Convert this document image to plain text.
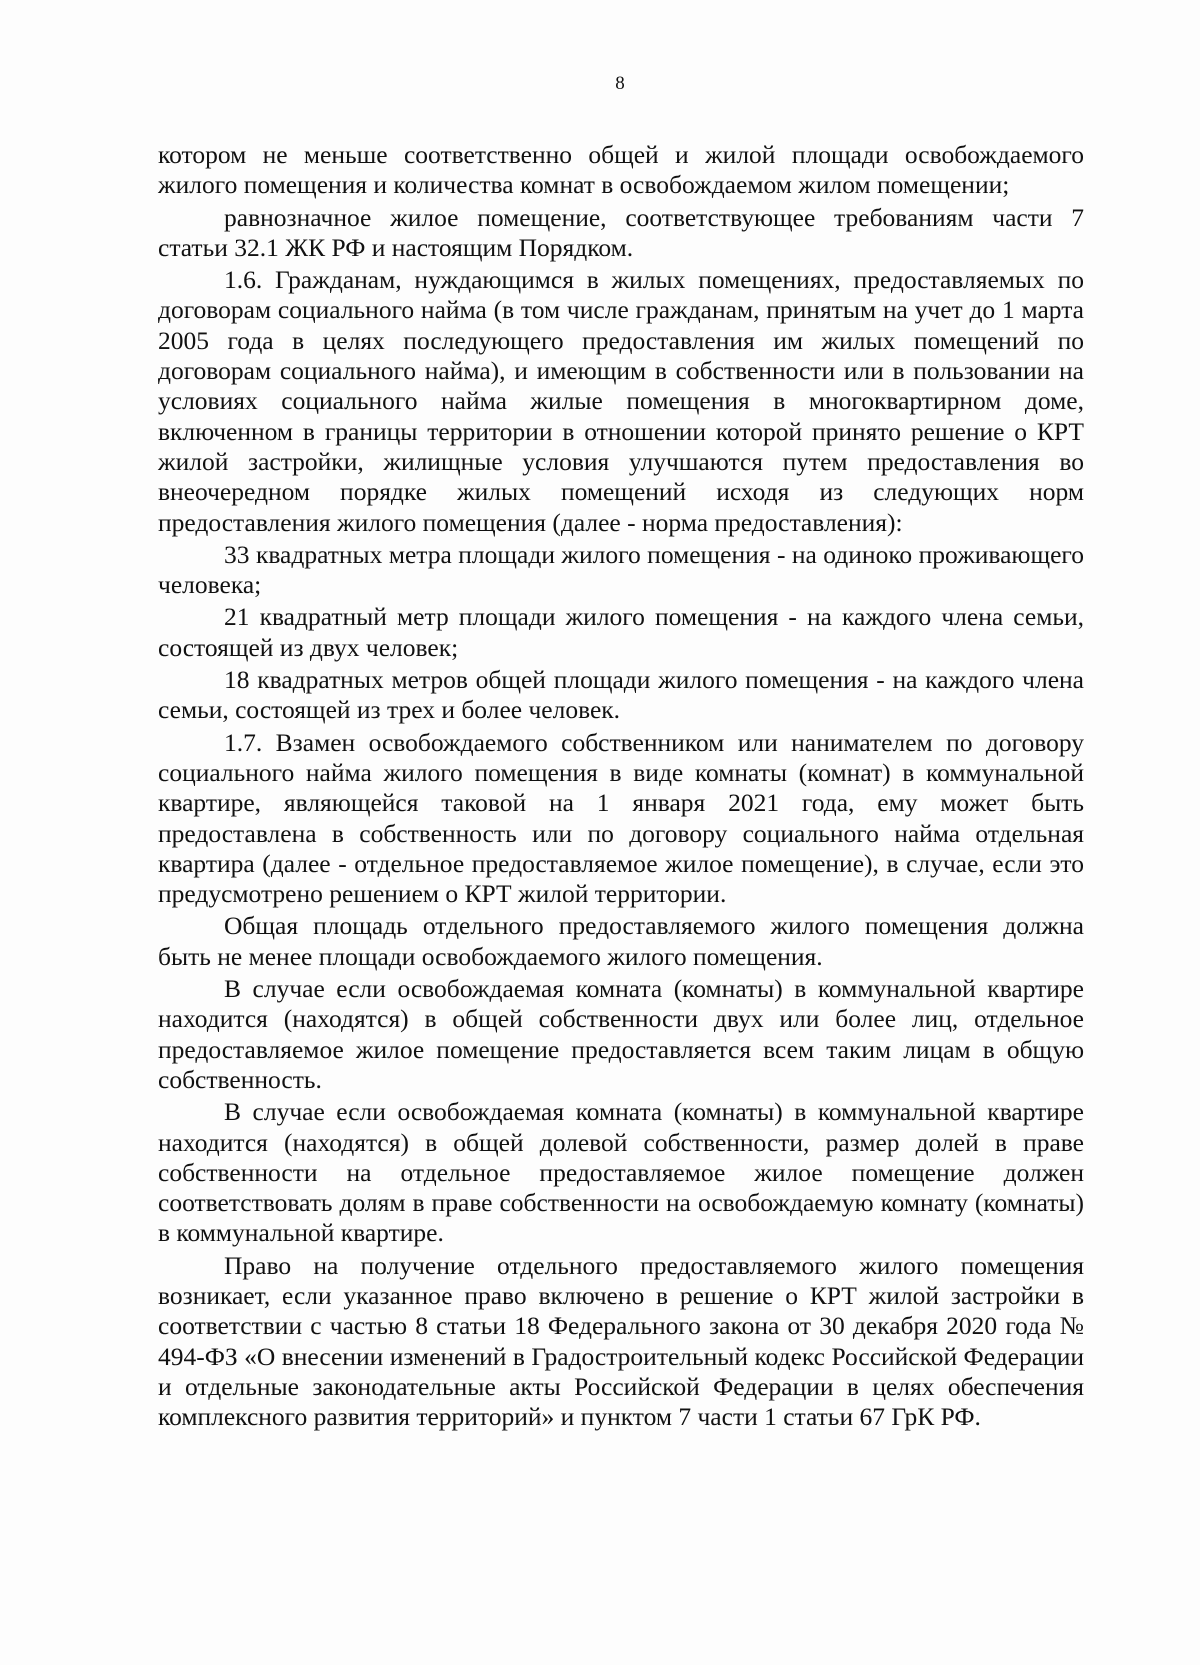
8

котором не меньше соответственно общей и жилой площади освобождаемого жилого помещения и количества комнат в освобождаемом жилом помещении;

равнозначное жилое помещение, соответствующее требованиям части 7 статьи 32.1 ЖК РФ и настоящим Порядком.

1.6. Гражданам, нуждающимся в жилых помещениях, предоставляемых по договорам социального найма (в том числе гражданам, принятым на учет до 1 марта 2005 года в целях последующего предоставления им жилых помещений по договорам социального найма), и имеющим в собственности или в пользовании на условиях социального найма жилые помещения в многоквартирном доме, включенном в границы территории в отношении которой принято решение о КРТ жилой застройки, жилищные условия улучшаются путем предоставления во внеочередном порядке жилых помещений исходя из следующих норм предоставления жилого помещения (далее - норма предоставления):

33 квадратных метра площади жилого помещения - на одиноко проживающего человека;

21 квадратный метр площади жилого помещения - на каждого члена семьи, состоящей из двух человек;

18 квадратных метров общей площади жилого помещения - на каждого члена семьи, состоящей из трех и более человек.

1.7. Взамен освобождаемого собственником или нанимателем по договору социального найма жилого помещения в виде комнаты (комнат) в коммунальной квартире, являющейся таковой на 1 января 2021 года, ему может быть предоставлена в собственность или по договору социального найма отдельная квартира (далее - отдельное предоставляемое жилое помещение), в случае, если это предусмотрено решением о КРТ жилой территории.

Общая площадь отдельного предоставляемого жилого помещения должна быть не менее площади освобождаемого жилого помещения.

В случае если освобождаемая комната (комнаты) в коммунальной квартире находится (находятся) в общей собственности двух или более лиц, отдельное предоставляемое жилое помещение предоставляется всем таким лицам в общую собственность.

В случае если освобождаемая комната (комнаты) в коммунальной квартире находится (находятся) в общей долевой собственности, размер долей в праве собственности на отдельное предоставляемое жилое помещение должен соответствовать долям в праве собственности на освобождаемую комнату (комнаты) в коммунальной квартире.

Право на получение отдельного предоставляемого жилого помещения возникает, если указанное право включено в решение о КРТ жилой застройки в соответствии с частью 8 статьи 18 Федерального закона от 30 декабря 2020 года № 494-ФЗ «О внесении изменений в Градостроительный кодекс Российской Федерации и отдельные законодательные акты Российской Федерации в целях обеспечения комплексного развития территорий» и пунктом 7 части 1 статьи 67 ГрК РФ.
